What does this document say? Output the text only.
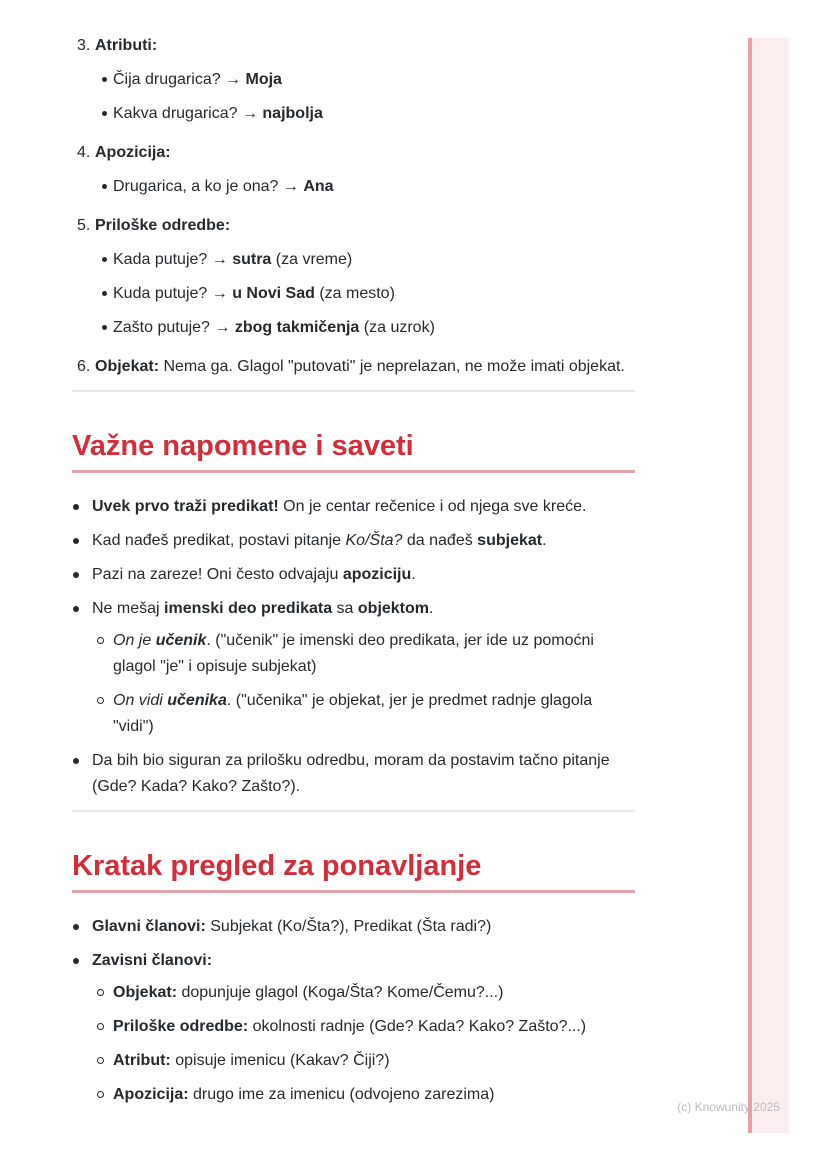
3. Atributi:
Čija drugarica? → Moja
Kakva drugarica? → najbolja
4. Apozicija:
Drugarica, a ko je ona? → Ana
5. Priloške odredbe:
Kada putuje? → sutra (za vreme)
Kuda putuje? → u Novi Sad (za mesto)
Zašto putuje? → zbog takmičenja (za uzrok)
6. Objekat: Nema ga. Glagol "putovati" je neprelazan, ne može imati objekat.
Važne napomene i saveti
Uvek prvo traži predikat! On je centar rečenice i od njega sve kreće.
Kad nađeš predikat, postavi pitanje Ko/Šta? da nađeš subjekat.
Pazi na zareze! Oni često odvajaju apoziciju.
Ne mešaj imenski deo predikata sa objektom.
On je učenik. ("učenik" je imenski deo predikata, jer ide uz pomoćni glagol "je" i opisuje subjekat)
On vidi učenika. ("učenika" je objekat, jer je predmet radnje glagola "vidi")
Da bih bio siguran za prilošku odredbu, moram da postavim tačno pitanje (Gde? Kada? Kako? Zašto?).
Kratak pregled za ponavljanje
Glavni članovi: Subjekat (Ko/Šta?), Predikat (Šta radi?)
Zavisni članovi:
Objekat: dopunjuje glagol (Koga/Šta? Kome/Čemu?...)
Priloške odredbe: okolnosti radnje (Gde? Kada? Kako? Zašto?...)
Atribut: opisuje imenicu (Kakav? Čiji?)
Apozicija: drugo ime za imenicu (odvojeno zarezima)
(c) Knowunity 2025
